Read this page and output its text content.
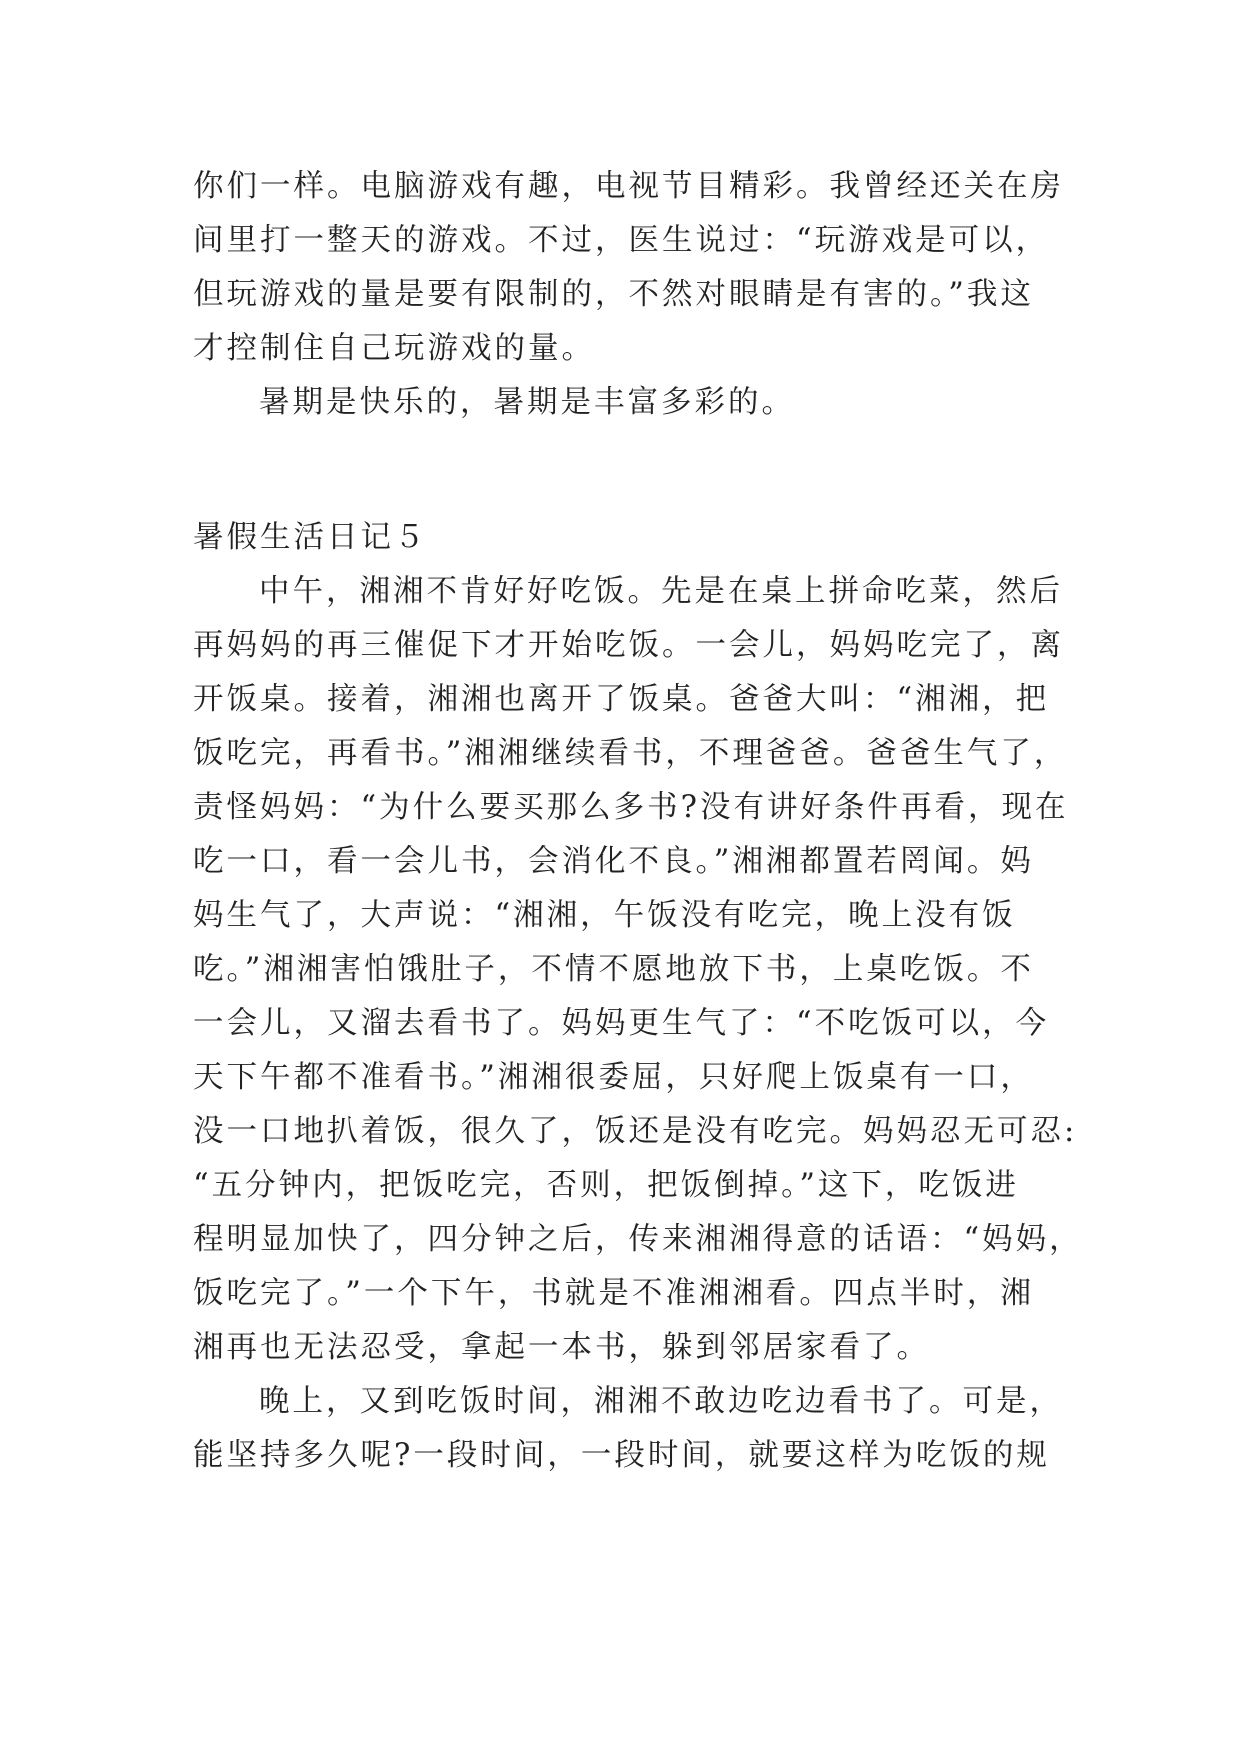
你们一样。电脑游戏有趣，电视节目精彩。我曾经还关在房
间里打一整天的游戏。不过，医生说过：“玩游戏是可以，
但玩游戏的量是要有限制的，不然对眼睛是有害的。”我这
才控制住自己玩游戏的量。
暑期是快乐的，暑期是丰富多彩的。
暑假生活日记５
中午，湘湘不肯好好吃饭。先是在桌上拼命吃菜，然后
再妈妈的再三催促下才开始吃饭。一会儿，妈妈吃完了，离
开饭桌。接着，湘湘也离开了饭桌。爸爸大叫：“湘湘，把
饭吃完，再看书。”湘湘继续看书，不理爸爸。爸爸生气了，
责怪妈妈：“为什么要买那么多书?没有讲好条件再看，现在
吃一口，看一会儿书，会消化不良。”湘湘都置若罔闻。妈
妈生气了，大声说：“湘湘，午饭没有吃完，晚上没有饭
吃。”湘湘害怕饿肚子，不情不愿地放下书，上桌吃饭。不
一会儿，又溜去看书了。妈妈更生气了：“不吃饭可以，今
天下午都不准看书。”湘湘很委屈，只好爬上饭桌有一口，
没一口地扒着饭，很久了，饭还是没有吃完。妈妈忍无可忍:
“五分钟内，把饭吃完，否则，把饭倒掉。”这下，吃饭进
程明显加快了，四分钟之后，传来湘湘得意的话语：“妈妈，
饭吃完了。”一个下午，书就是不准湘湘看。四点半时，湘
湘再也无法忍受，拿起一本书，躲到邻居家看了。
晚上，又到吃饭时间，湘湘不敢边吃边看书了。可是，
能坚持多久呢?一段时间，一段时间，就要这样为吃饭的规
